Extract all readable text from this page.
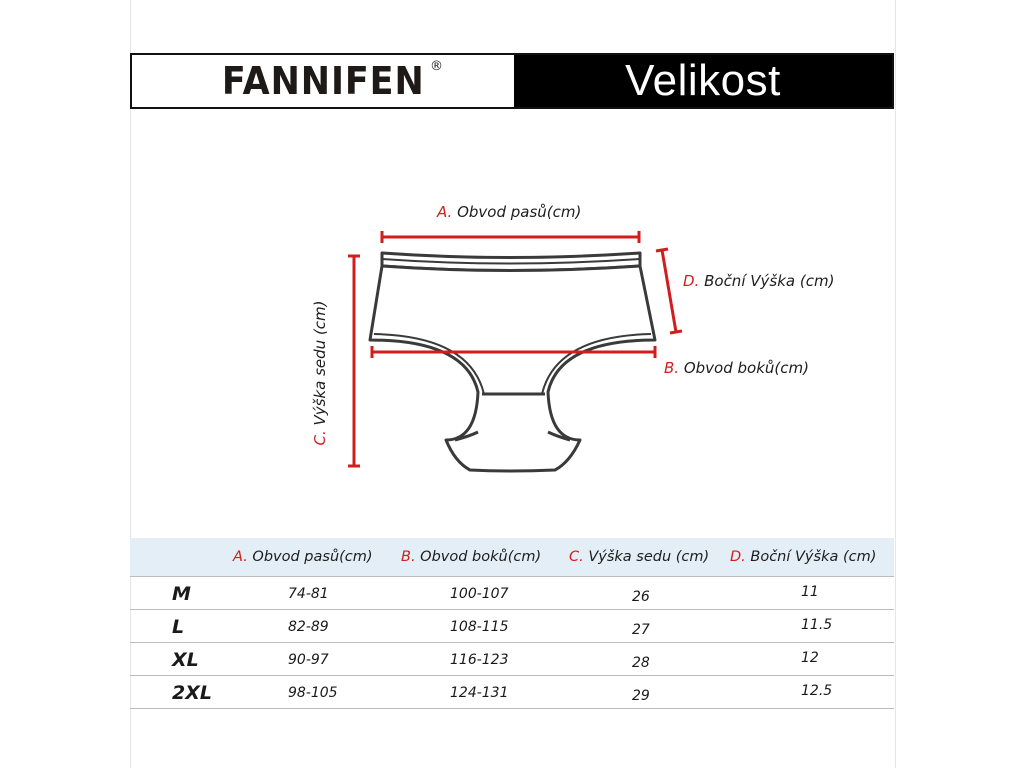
FANNIFEN ®	Velikost
A. Obvod pasů(cm)
D. Boční Výška (cm)
B. Obvod boků(cm)
C. Výška sedu (cm)
A. Obvod pasů(cm) B. Obvod boků(cm) C. Výška sedu (cm) D. Boční Výška (cm)
M	74-81	100-107	26	11
L	82-89	108-115	27	11.5
XL	90-97	116-123	28	12
2XL	98-105	124-131	29	12.5
